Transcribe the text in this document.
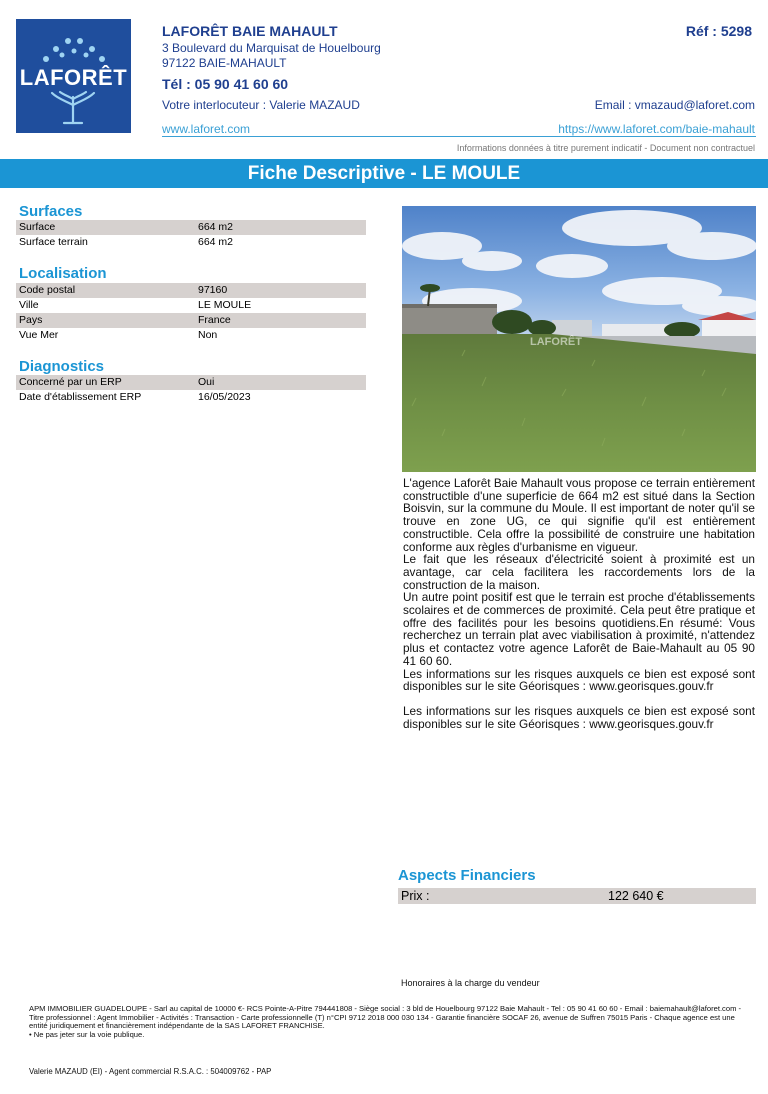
LAFORÊT
LAFORÊT BAIE MAHAULT	Réf : 5298
3 Boulevard du Marquisat de Houelbourg
97122 BAIE-MAHAULT
Tél : 05 90 41 60 60
Votre interlocuteur : Valerie MAZAUD	Email : vmazaud@laforet.com
www.laforet.com	https://www.laforet.com/baie-mahault
Informations données à titre purement indicatif - Document non contractuel
Fiche Descriptive - LE MOULE
Surfaces
Surface	664 m2
Surface terrain	664 m2
Localisation
Code postal	97160
Ville	LE MOULE
Pays	France
Vue Mer	Non
Diagnostics
Concerné par un ERP	Oui
Date d'établissement ERP	16/05/2023
LAFORÊT

L'agence Laforêt Baie Mahault vous propose ce terrain entièrement constructible d'une superficie de 664 m2 est situé dans la Section Boisvin, sur la commune du Moule. Il est important de noter qu'il se trouve en zone UG, ce qui signifie qu'il est entièrement constructible. Cela offre la possibilité de construire une habitation conforme aux règles d'urbanisme en vigueur.

Le fait que les réseaux d'électricité soient à proximité est un avantage, car cela facilitera les raccordements lors de la construction de la maison.

Un autre point positif est que le terrain est proche d'établissements scolaires et de commerces de proximité. Cela peut être pratique et offre des facilités pour les besoins quotidiens.En résumé: Vous recherchez un terrain plat avec viabilisation à proximité, n'attendez plus et contactez votre agence Laforêt de Baie-Mahault au 05 90 41 60 60.

Les informations sur les risques auxquels ce bien est exposé sont disponibles sur le site Géorisques : www.georisques.gouv.fr

Les informations sur les risques auxquels ce bien est exposé sont disponibles sur le site Géorisques : www.georisques.gouv.fr

Aspects Financiers
Prix :	122 640 €
Honoraires à la charge du vendeur

APM IMMOBILIER GUADELOUPE - Sarl au capital de 10000 €- RCS Pointe-A-Pitre 794441808 - Siège social : 3 bld de Houelbourg 97122 Baie Mahault - Tel : 05 90 41 60 60 - Email : baiemahault@laforet.com - Titre professionnel : Agent Immobilier - Activités : Transaction - Carte professionnelle (T) n°CPI 9712 2018 000 030 134 - Garantie financière SOCAF 26, avenue de Suffren 75015 Paris - Chaque agence est une entité juridiquement et financièrement indépendante de la SAS LAFORET FRANCHISE.

• Ne pas jeter sur la voie publique.

Valerie MAZAUD (EI) - Agent commercial R.S.A.C. : 504009762 - PAP
